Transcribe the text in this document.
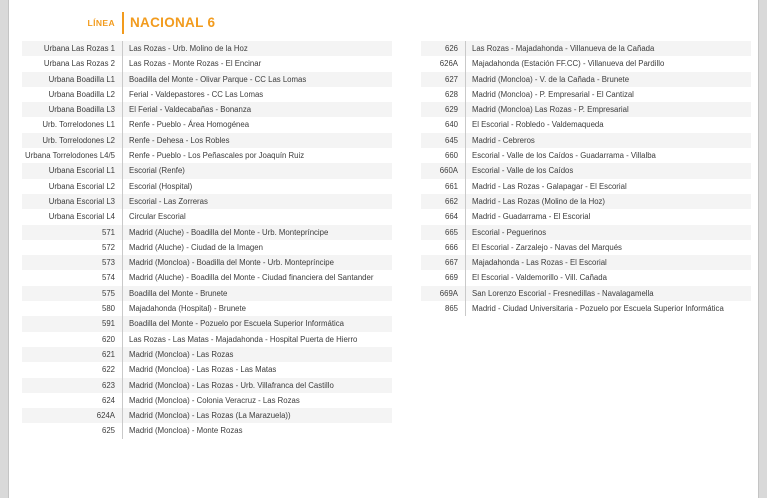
LÍNEA	NACIONAL 6
Urbana Las Rozas 1	Las Rozas - Urb. Molino de la Hoz
Urbana Las Rozas 2	Las Rozas - Monte Rozas - El Encinar
Urbana Boadilla L1	Boadilla del Monte - Olivar Parque - CC Las Lomas
Urbana Boadilla L2	Ferial - Valdepastores - CC Las Lomas
Urbana Boadilla L3	El Ferial - Valdecabañas - Bonanza
Urb. Torrelodones L1	Renfe - Pueblo - Área Homogénea
Urb. Torrelodones L2	Renfe - Dehesa - Los Robles
Urbana Torrelodones L4/5	Renfe - Pueblo - Los Peñascales por Joaquín Ruiz
Urbana Escorial L1	Escorial (Renfe)
Urbana Escorial L2	Escorial (Hospital)
Urbana Escorial L3	Escorial - Las Zorreras
Urbana Escorial L4	Circular Escorial
571	Madrid (Aluche) - Boadilla del Monte - Urb. Montepríncipe
572	Madrid (Aluche) - Ciudad de la Imagen
573	Madrid (Moncloa) - Boadilla del Monte - Urb. Montepríncipe
574	Madrid (Aluche) - Boadilla del Monte - Ciudad financiera del Santander
575	Boadilla del Monte - Brunete
580	Majadahonda (Hospital) - Brunete
591	Boadilla del Monte - Pozuelo por Escuela Superior Informática
620	Las Rozas - Las Matas - Majadahonda - Hospital Puerta de Hierro
621	Madrid (Moncloa) - Las Rozas
622	Madrid (Moncloa) - Las Rozas - Las Matas
623	Madrid (Moncloa) - Las Rozas - Urb. Villafranca del Castillo
624	Madrid (Moncloa) - Colonia Veracruz - Las Rozas
624A	Madrid (Moncloa) - Las Rozas (La Marazuela))
625	Madrid (Moncloa) - Monte Rozas
626	Las Rozas - Majadahonda - Villanueva de la Cañada
626A	Majadahonda (Estación FF.CC) - Villanueva del Pardillo
627	Madrid (Moncloa) - V. de la Cañada - Brunete
628	Madrid (Moncloa) - P. Empresarial - El Cantizal
629	Madrid (Moncloa) Las Rozas - P. Empresarial
640	El Escorial - Robledo - Valdemaqueda
645	Madrid - Cebreros
660	Escorial - Valle de los Caídos - Guadarrama - Villalba
660A	Escorial - Valle de los Caídos
661	Madrid - Las Rozas - Galapagar - El Escorial
662	Madrid - Las Rozas (Molino de la Hoz)
664	Madrid - Guadarrama - El Escorial
665	Escorial - Peguerinos
666	El Escorial - Zarzalejo - Navas del Marqués
667	Majadahonda - Las Rozas - El Escorial
669	El Escorial - Valdemorillo - Vill. Cañada
669A	San Lorenzo Escorial - Fresnedillas - Navalagamella
865	Madrid - Ciudad Universitaria - Pozuelo por Escuela Superior Informática
